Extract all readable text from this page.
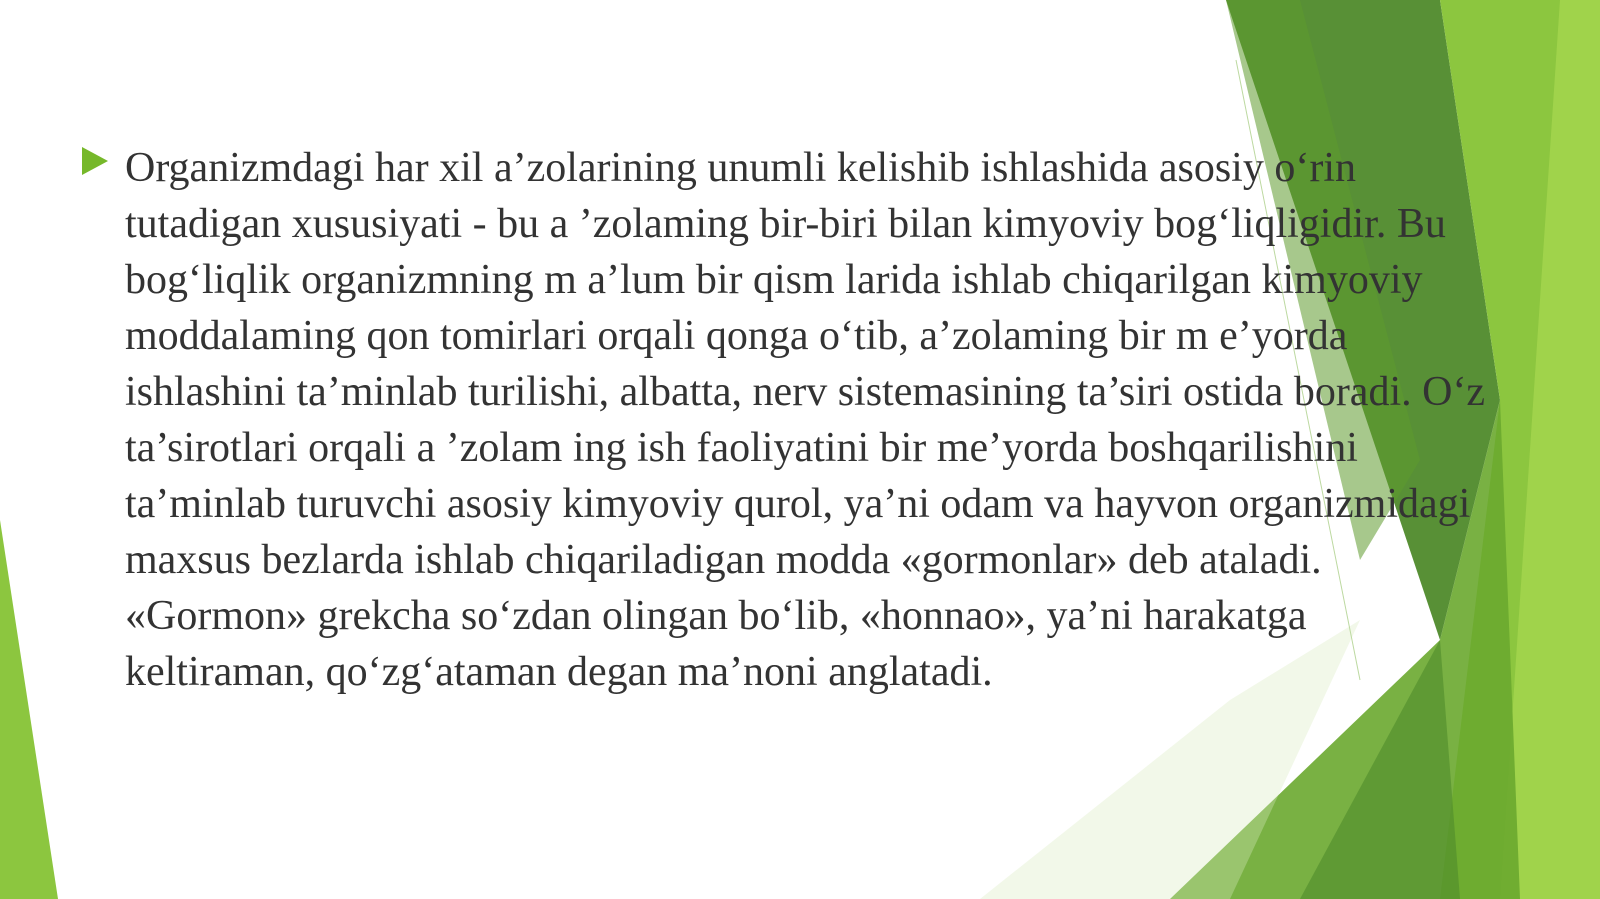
Organizmdagi har xil a’zolarining unumli kelishib ishlashida asosiy o‘rin tutadigan xususiyati - bu a ’zolaming bir-biri bilan kimyoviy bog‘liqligidir. Bu bog‘liqlik organizmning m a’lum bir qism larida ishlab chiqarilgan kimyoviy moddalaming qon tomirlari orqali qonga o‘tib, a’zolaming bir m e’yorda ishlashini ta’minlab turilishi, albatta, nerv sistemasining ta’siri ostida boradi. O‘z ta’sirotlari orqali a ’zolam ing ish faoliyatini bir me’yorda boshqarilishini ta’minlab turuvchi asosiy kimyoviy qurol, ya’ni odam va hayvon organizmidagi maxsus bezlarda ishlab chiqariladigan modda «gormonlar» deb ataladi. «Gormon» grekcha so‘zdan olingan bo‘lib, «honnao», ya’ni harakatga keltiraman, qo‘zg‘ataman degan ma’noni anglatadi.
